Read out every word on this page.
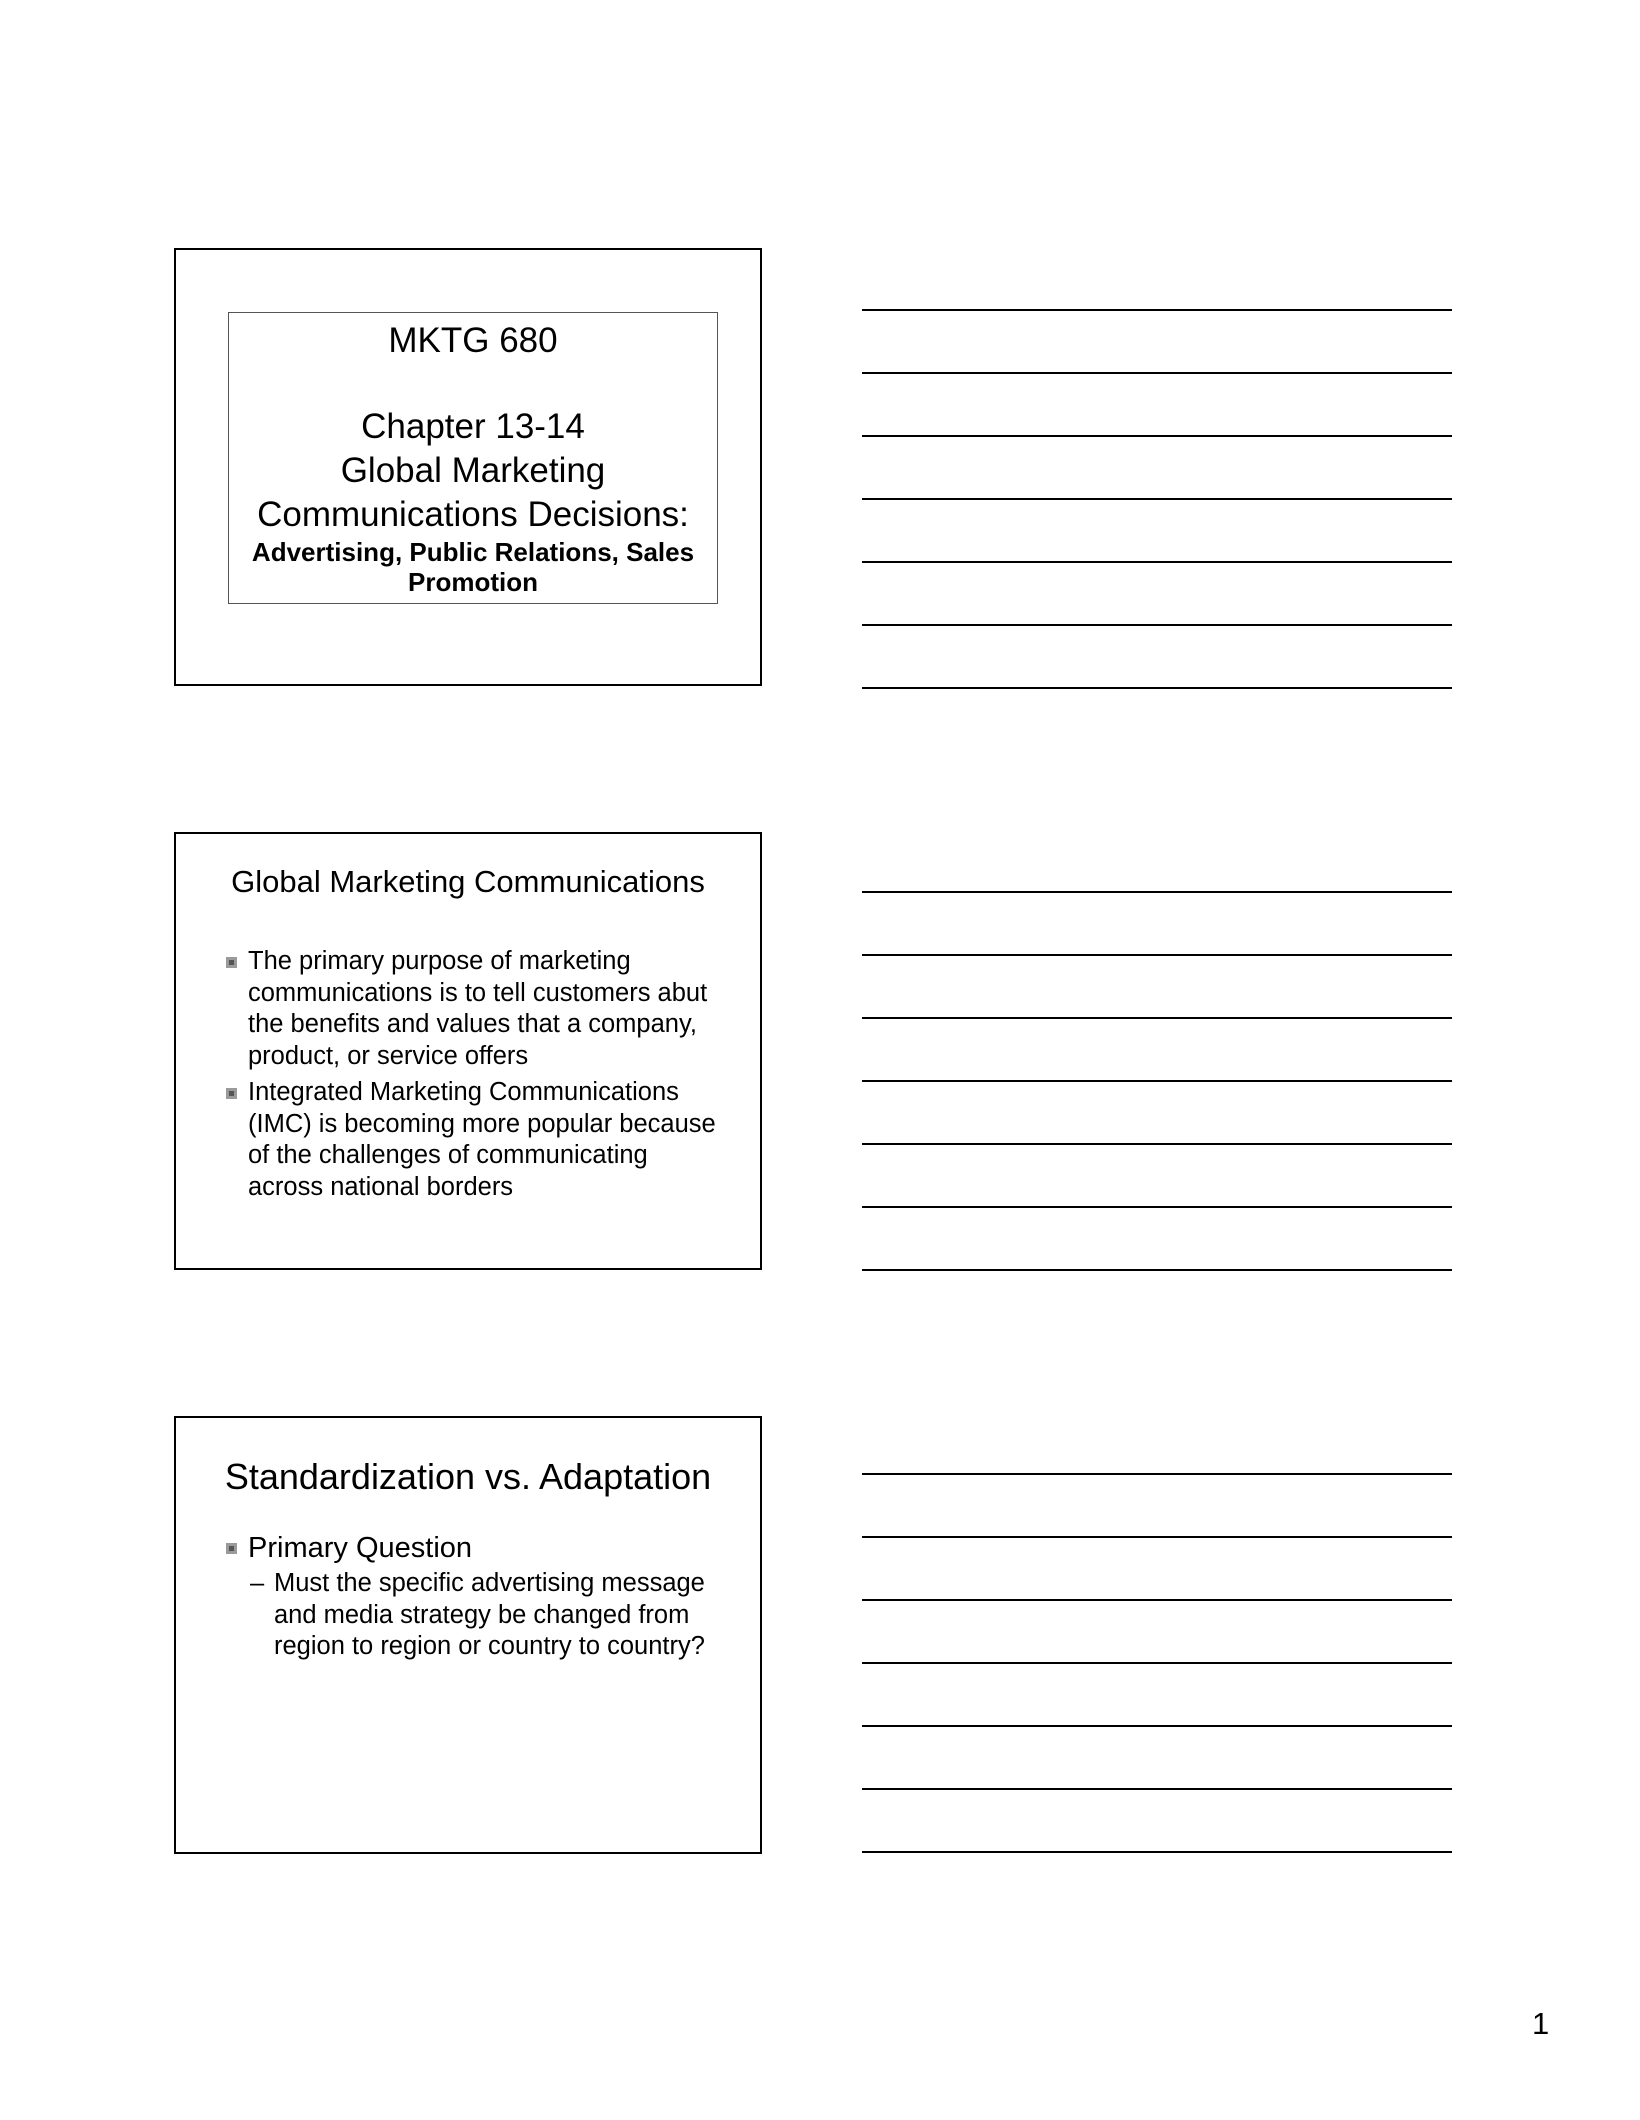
MKTG 680
Chapter 13-14
Global Marketing
Communications Decisions:
Advertising, Public Relations, Sales Promotion
Global Marketing Communications
The primary purpose of marketing communications is to tell customers abut the benefits and values that a company, product, or service offers
Integrated Marketing Communications (IMC) is becoming more popular because of the challenges of communicating across national borders
Standardization vs. Adaptation
Primary Question
– Must the specific advertising message and media strategy be changed from region to region or country to country?
1
